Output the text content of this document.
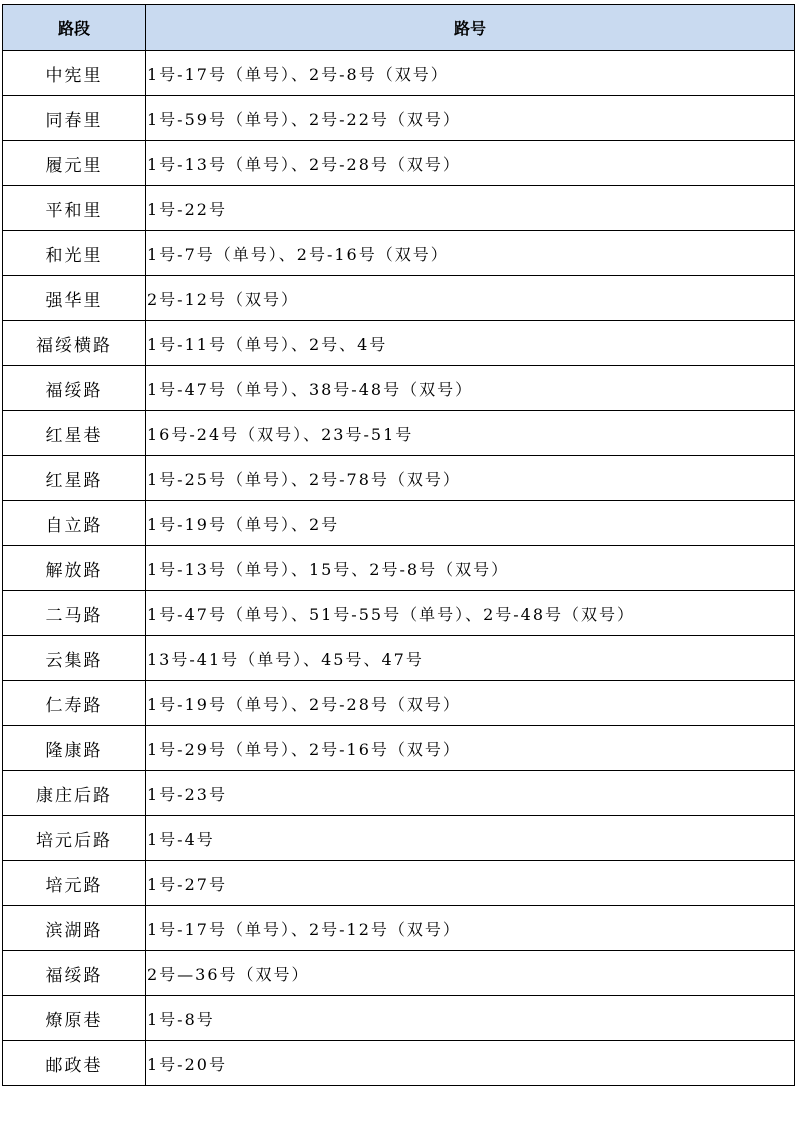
路段	路号
中宪里	1号-17号（单号）、2号-8号（双号）
同春里	1号-59号（单号）、2号-22号（双号）
履元里	1号-13号（单号）、2号-28号（双号）
平和里	1号-22号
和光里	1号-7号（单号）、2号-16号（双号）
强华里	2号-12号（双号）
福绥横路	1号-11号（单号）、2号、4号
福绥路	1号-47号（单号）、38号-48号（双号）
红星巷	16号-24号（双号）、23号-51号
红星路	1号-25号（单号）、2号-78号（双号）
自立路	1号-19号（单号）、2号
解放路	1号-13号（单号）、15号、2号-8号（双号）
二马路	1号-47号（单号）、51号-55号（单号）、2号-48号（双号）
云集路	13号-41号（单号）、45号、47号
仁寿路	1号-19号（单号）、2号-28号（双号）
隆康路	1号-29号（单号）、2号-16号（双号）
康庄后路	1号-23号
培元后路	1号-4号
培元路	1号-27号
滨湖路	1号-17号（单号）、2号-12号（双号）
福绥路	2号—36号（双号）
燎原巷	1号-8号
邮政巷	1号-20号
